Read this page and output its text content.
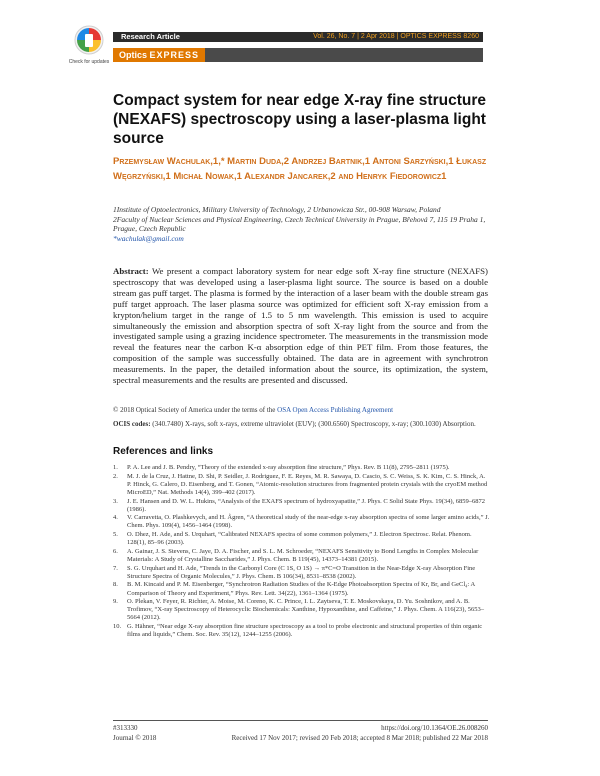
Check for updates
Research Article	Vol. 26, No. 7 | 2 Apr 2018 | OPTICS EXPRESS 8260
Optics EXPRESS
Compact system for near edge X-ray fine structure (NEXAFS) spectroscopy using a laser-plasma light source
Przemysław Wachulak,1,* Martin Duda,2 Andrzej Bartnik,1 Antoni Sarzyński,1 Łukasz Węgrzyński,1 Michał Nowak,1 Alexandr Jancarek,2 and Henryk Fiedorowicz1
1Institute of Optoelectronics, Military University of Technology, 2 Urbanowicza Str., 00-908 Warsaw, Poland
2Faculty of Nuclear Sciences and Physical Engineering, Czech Technical University in Prague, Břehová 7, 115 19 Praha 1, Prague, Czech Republic
*wachulak@gmail.com
Abstract: We present a compact laboratory system for near edge soft X-ray fine structure (NEXAFS) spectroscopy that was developed using a laser-plasma light source. The source is based on a double stream gas puff target. The plasma is formed by the interaction of a laser beam with the double stream gas puff target approach. The laser plasma source was optimized for efficient soft X-ray emission from a krypton/helium target in the range of 1.5 to 5 nm wavelength. This emission is used to acquire simultaneously the emission and absorption spectra of soft X-ray light from the source and from the investigated sample using a grazing incidence spectrometer. The measurements in the transmission mode reveal the features near the carbon K-α absorption edge of thin PET film. From those features, the composition of the sample was successfully obtained. The data are in agreement with synchrotron measurements. In the paper, the detailed information about the source, its optimization, the system, spectral measurements and the results are presented and discussed.
© 2018 Optical Society of America under the terms of the OSA Open Access Publishing Agreement
OCIS codes: (340.7480) X-rays, soft x-rays, extreme ultraviolet (EUV); (300.6560) Spectroscopy, x-ray; (300.1030) Absorption.
References and links
1.	P. A. Lee and J. B. Pendry, “Theory of the extended x-ray absorption fine structure,” Phys. Rev. B 11(8), 2795–2811 (1975).
2.	M. J. de la Cruz, J. Hattne, D. Shi, P. Seidler, J. Rodriguez, F. E. Reyes, M. R. Sawaya, D. Cascio, S. C. Weiss, S. K. Kim, C. S. Hinck, A. P. Hinck, G. Calero, D. Eisenberg, and T. Gonen, “Atomic-resolution structures from fragmented protein crystals with the cryoEM method MicroED,” Nat. Methods 14(4), 399–402 (2017).
3.	J. E. Hansen and D. W. L. Hukins, “Analysis of the EXAFS spectrum of hydroxyapatite,” J. Phys. C Solid State Phys. 19(34), 6859–6872 (1986).
4.	V. Carravetta, O. Plashkevych, and H. Ågren, “A theoretical study of the near-edge x-ray absorption spectra of some larger amino acids,” J. Chem. Phys. 109(4), 1456–1464 (1998).
5.	O. Dhez, H. Ade, and S. Urquhart, “Calibrated NEXAFS spectra of some common polymers,” J. Electron Spectrosc. Relat. Phenom. 128(1), 85–96 (2003).
6.	A. Gainar, J. S. Stevens, C. Jaye, D. A. Fischer, and S. L. M. Schroeder, “NEXAFS Sensitivity to Bond Lengths in Complex Molecular Materials: A Study of Crystalline Saccharides,” J. Phys. Chem. B 119(45), 14373–14381 (2015).
7.	S. G. Urquhart and H. Ade, “Trends in the Carbonyl Core (C 1S, O 1S) → π*C=O Transition in the Near-Edge X-ray Absorption Fine Structure Spectra of Organic Molecules,” J. Phys. Chem. B 106(34), 8531–8538 (2002).
8.	B. M. Kincaid and P. M. Eisenberger, “Synchrotron Radiation Studies of the K-Edge Photoabsorption Spectra of Kr, Br, and GeCl₄: A Comparison of Theory and Experiment,” Phys. Rev. Lett. 34(22), 1361–1364 (1975).
9.	O. Plekan, V. Feyer, R. Richter, A. Moise, M. Coreno, K. C. Prince, I. L. Zaytseva, T. E. Moskovskaya, D. Yu. Soshnikov, and A. B. Trofimov, “X-ray Spectroscopy of Heterocyclic Biochemicals: Xanthine, Hypoxanthine, and Caffeine,” J. Phys. Chem. A 116(23), 5653–5664 (2012).
10. G. Hähner, “Near edge X-ray absorption fine structure spectroscopy as a tool to probe electronic and structural properties of thin organic films and liquids,” Chem. Soc. Rev. 35(12), 1244–1255 (2006).
#313330	https://doi.org/10.1364/OE.26.008260
Journal © 2018	Received 17 Nov 2017; revised 20 Feb 2018; accepted 8 Mar 2018; published 22 Mar 2018
